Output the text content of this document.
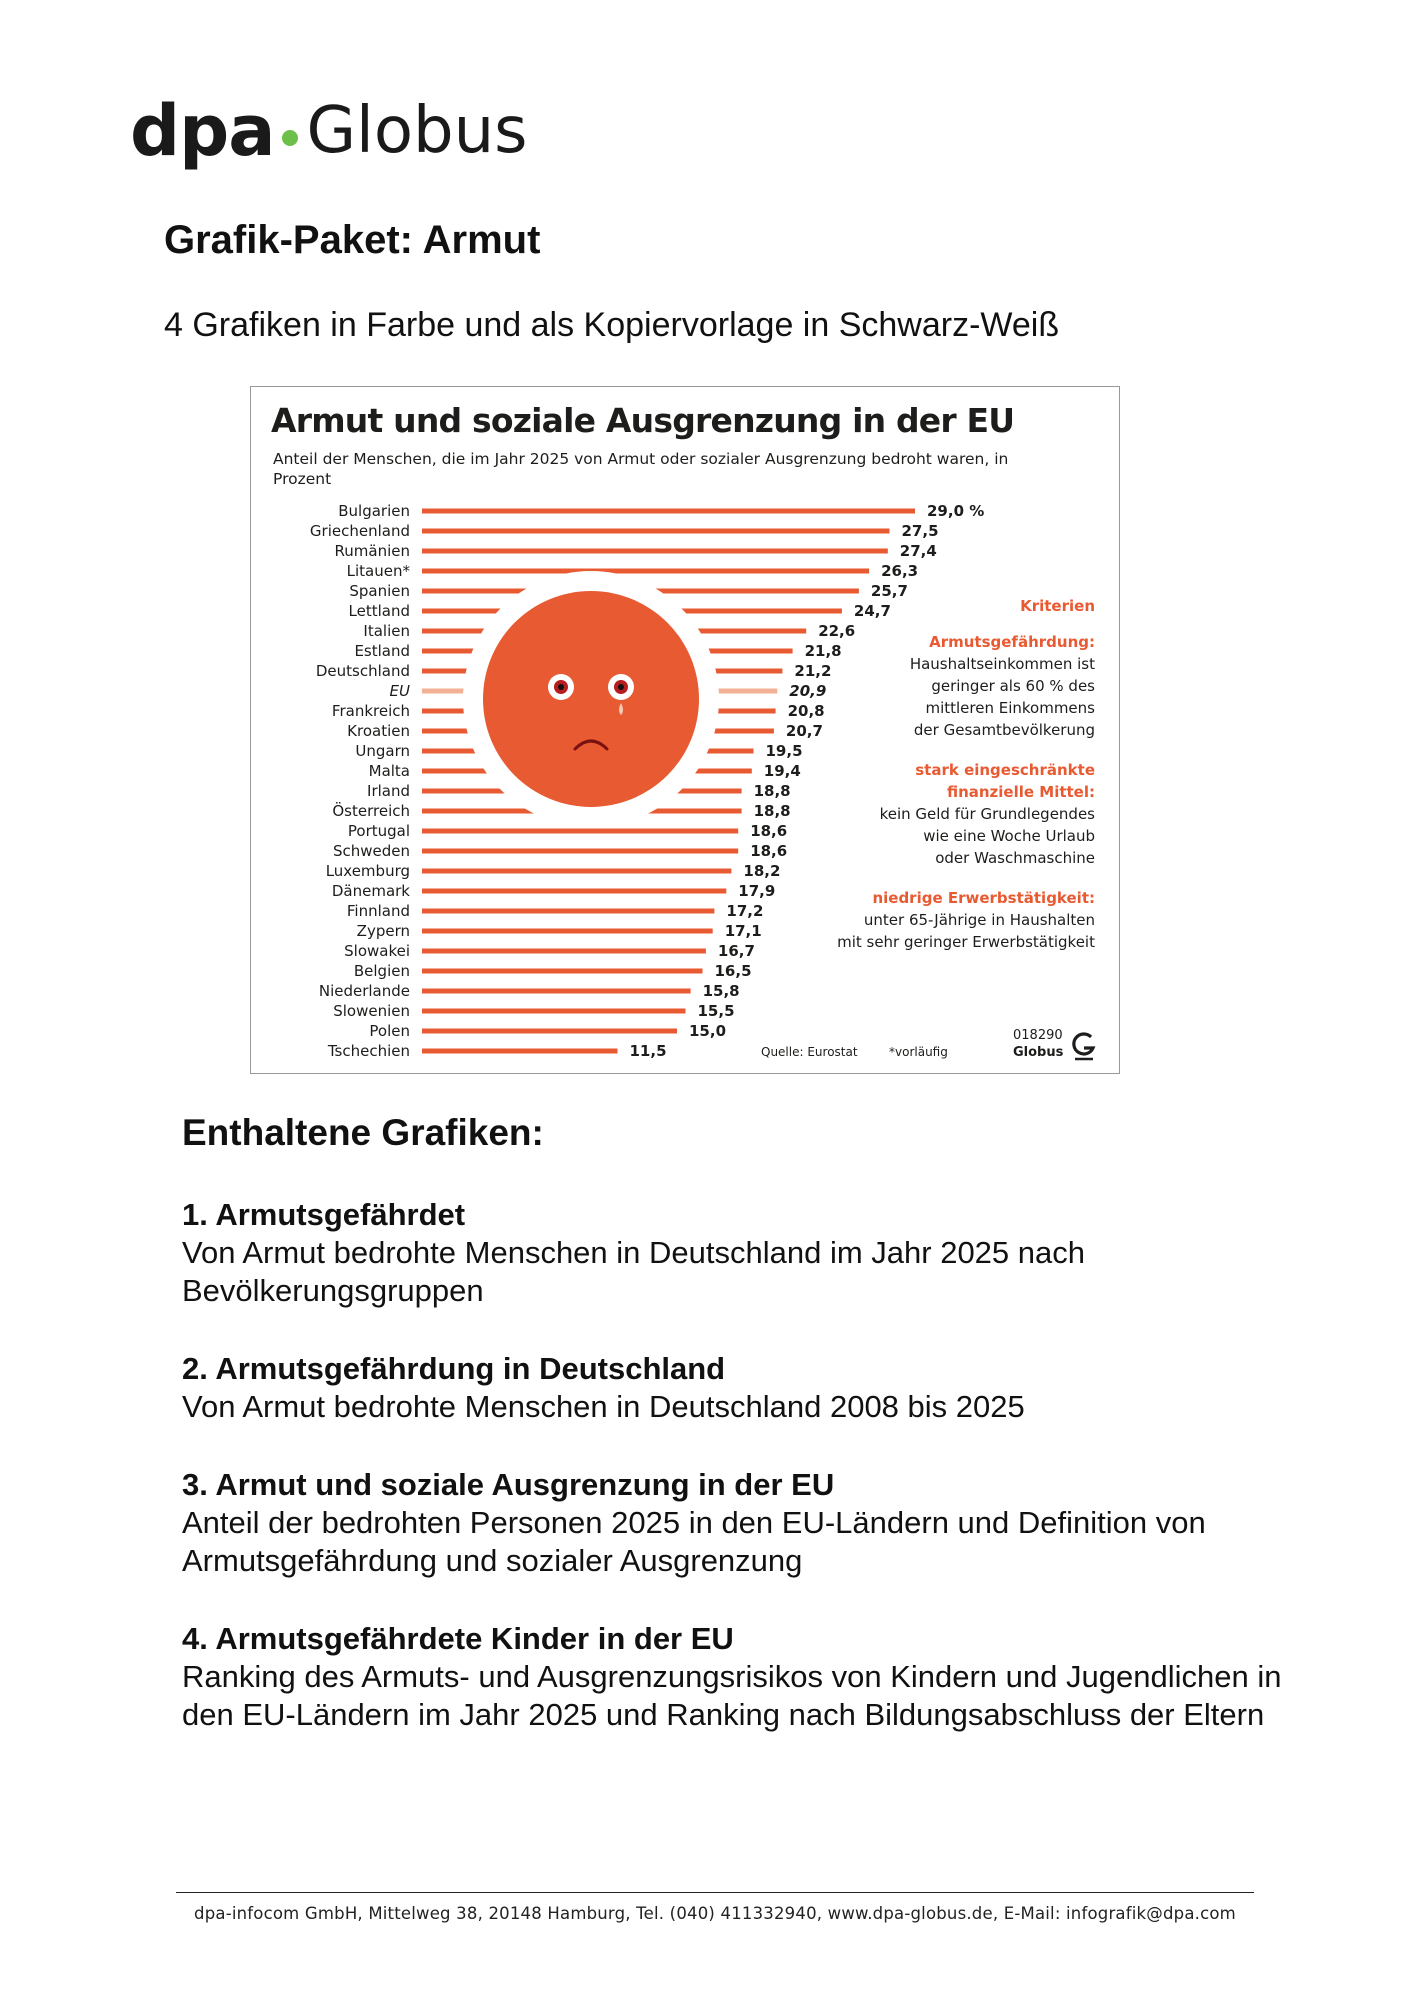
dpa Globus
Grafik-Paket: Armut
4 Grafiken in Farbe und als Kopiervorlage in Schwarz-Weiß
Bulgarien	29,0 %
Griechenland	27,5
Rumänien	27,4
Litauen*	26,3
Spanien	25,7
Lettland	24,7
Italien	22,6
Estland	21,8
Deutschland	21,2
EU	20,9
Frankreich	20,8
Kroatien	20,7
Ungarn	19,5
Malta	19,4
Irland	18,8
Österreich	18,8
Portugal	18,6
Schweden	18,6
Luxemburg	18,2
Dänemark	17,9
Finnland	17,2
Zypern	17,1
Slowakei	16,7
Belgien	16,5
Niederlande	15,8
Slowenien	15,5
Polen	15,0
Tschechien	11,5
Armut und soziale Ausgrenzung in der EU
Anteil der Menschen, die im Jahr 2025 von Armut oder sozialer Ausgrenzung bedroht waren, in Prozent
Kriterien
Armutsgefährdung:
Haushaltseinkommen ist
geringer als 60 % des
mittleren Einkommens
der Gesamtbevölkerung
stark eingeschränkte
finanzielle Mittel:
kein Geld für Grundlegendes
wie eine Woche Urlaub
oder Waschmaschine
niedrige Erwerbstätigkeit:
unter 65-Jährige in Haushalten
mit sehr geringer Erwerbstätigkeit
Quelle: Eurostat	*vorläufig
018290
Globus
Enthaltene Grafiken:
1. Armutsgefährdet
Von Armut bedrohte Menschen in Deutschland im Jahr 2025 nach Bevölkerungsgruppen
2. Armutsgefährdung in Deutschland
Von Armut bedrohte Menschen in Deutschland 2008 bis 2025
3. Armut und soziale Ausgrenzung in der EU
Anteil der bedrohten Personen 2025 in den EU-Ländern und Definition von Armutsgefährdung und sozialer Ausgrenzung
4. Armutsgefährdete Kinder in der EU
Ranking des Armuts- und Ausgrenzungsrisikos von Kindern und Jugendlichen in den EU-Ländern im Jahr 2025 und Ranking nach Bildungsabschluss der Eltern
dpa-infocom GmbH, Mittelweg 38, 20148 Hamburg, Tel. (040) 411332940, www.dpa-globus.de, E-Mail: infografik@dpa.com
